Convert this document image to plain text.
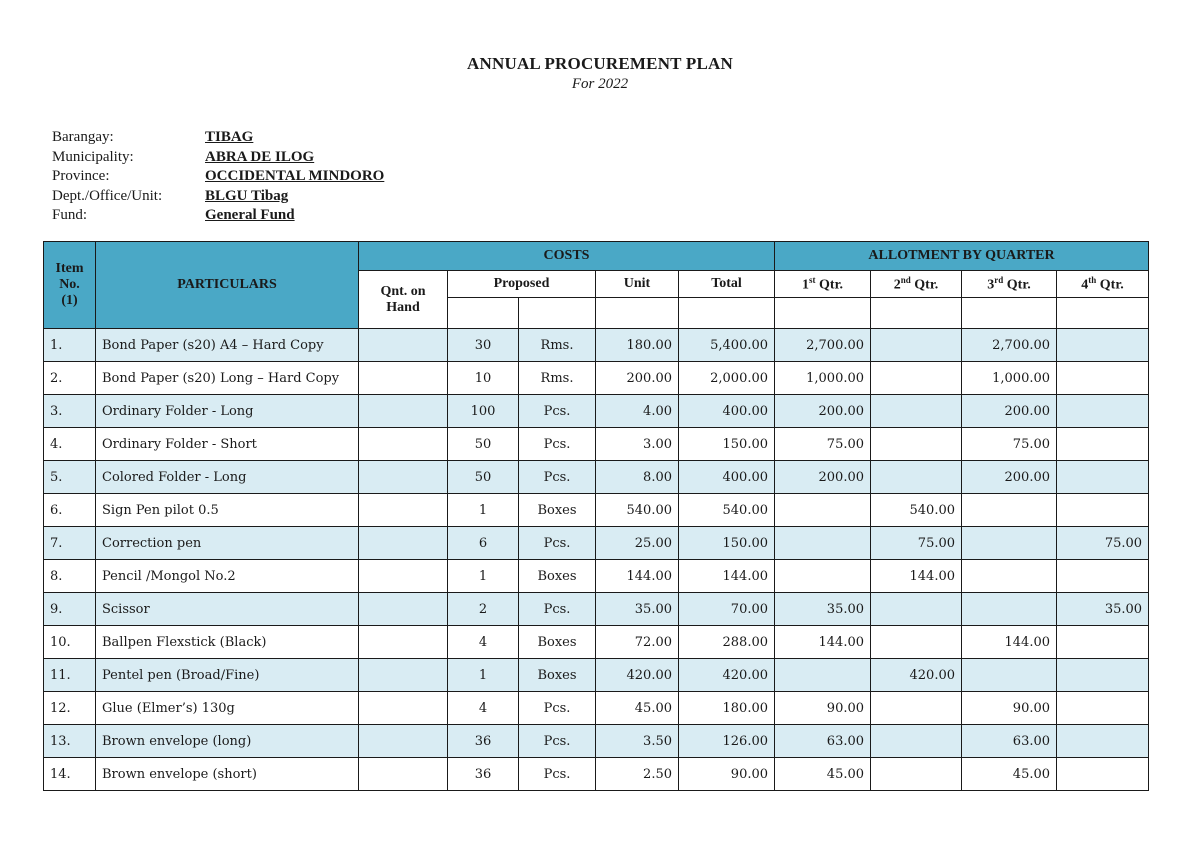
ANNUAL PROCUREMENT PLAN
For 2022
Barangay:	TIBAG
Municipality:	ABRA DE ILOG
Province:	OCCIDENTAL MINDORO
Dept./Office/Unit:	BLGU Tibag
Fund:	General Fund
Item No. (1)	PARTICULARS	COSTS					ALLOTMENT BY QUARTER			
		Qnt. on Hand	Proposed		Unit	Total	1st Qtr.	2nd Qtr.	3rd Qtr.	4th Qtr.

1.	Bond Paper (s20) A4 – Hard Copy		30	Rms.	180.00	5,400.00	2,700.00		2,700.00	
2.	Bond Paper (s20) Long – Hard Copy		10	Rms.	200.00	2,000.00	1,000.00		1,000.00	
3.	Ordinary Folder - Long		100	Pcs.	4.00	400.00	200.00		200.00	
4.	Ordinary Folder - Short		50	Pcs.	3.00	150.00	75.00		75.00	
5.	Colored Folder - Long		50	Pcs.	8.00	400.00	200.00		200.00	
6.	Sign Pen pilot 0.5		1	Boxes	540.00	540.00		540.00		
7.	Correction pen		6	Pcs.	25.00	150.00		75.00		75.00
8.	Pencil /Mongol No.2		1	Boxes	144.00	144.00		144.00		
9.	Scissor		2	Pcs.	35.00	70.00	35.00			35.00
10.	Ballpen Flexstick (Black)		4	Boxes	72.00	288.00	144.00		144.00	
11.	Pentel pen (Broad/Fine)		1	Boxes	420.00	420.00		420.00		
12.	Glue (Elmer’s) 130g		4	Pcs.	45.00	180.00	90.00		90.00	
13.	Brown envelope (long)		36	Pcs.	3.50	126.00	63.00		63.00	
14.	Brown envelope (short)		36	Pcs.	2.50	90.00	45.00		45.00	
